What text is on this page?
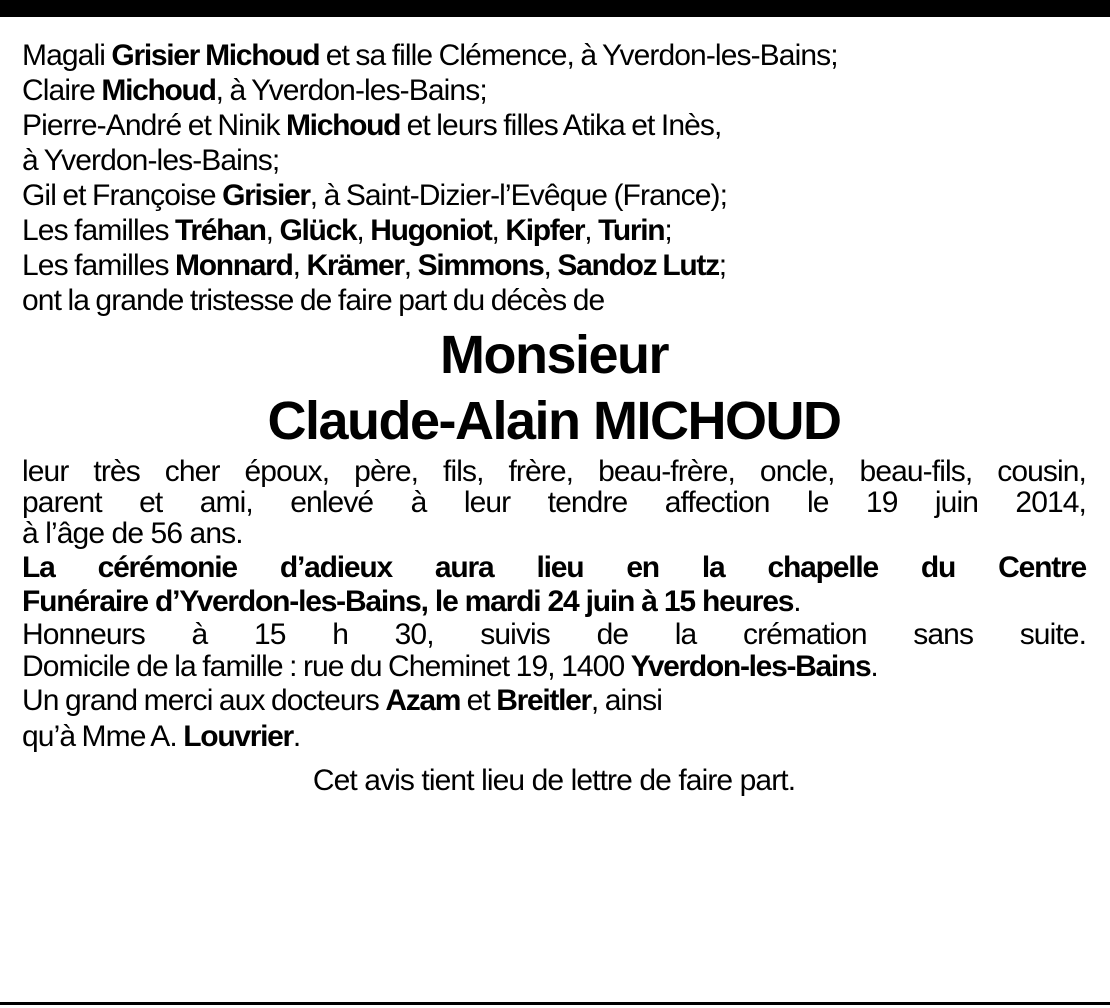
Magali Grisier Michoud et sa fille Clémence, à Yverdon-les-Bains;
Claire Michoud, à Yverdon-les-Bains;
Pierre-André et Ninik Michoud et leurs filles Atika et Inès,
à Yverdon-les-Bains;
Gil et Françoise Grisier, à Saint-Dizier-l’Evêque (France);
Les familles Tréhan, Glück, Hugoniot, Kipfer, Turin;
Les familles Monnard, Krämer, Simmons, Sandoz Lutz;
ont la grande tristesse de faire part du décès de
Monsieur
Claude-Alain MICHOUD
leur très cher époux, père, fils, frère, beau-frère, oncle, beau-fils, cousin,
parent et ami, enlevé à leur tendre affection le 19 juin 2014,
à l’âge de 56 ans.
La cérémonie d’adieux aura lieu en la chapelle du Centre
Funéraire d’Yverdon-les-Bains, le mardi 24 juin à 15 heures.
Honneurs à 15 h 30, suivis de la crémation sans suite.
Domicile de la famille : rue du Cheminet 19, 1400 Yverdon-les-Bains.
Un grand merci aux docteurs Azam et Breitler, ainsi
qu’à Mme A. Louvrier.
Cet avis tient lieu de lettre de faire part.
